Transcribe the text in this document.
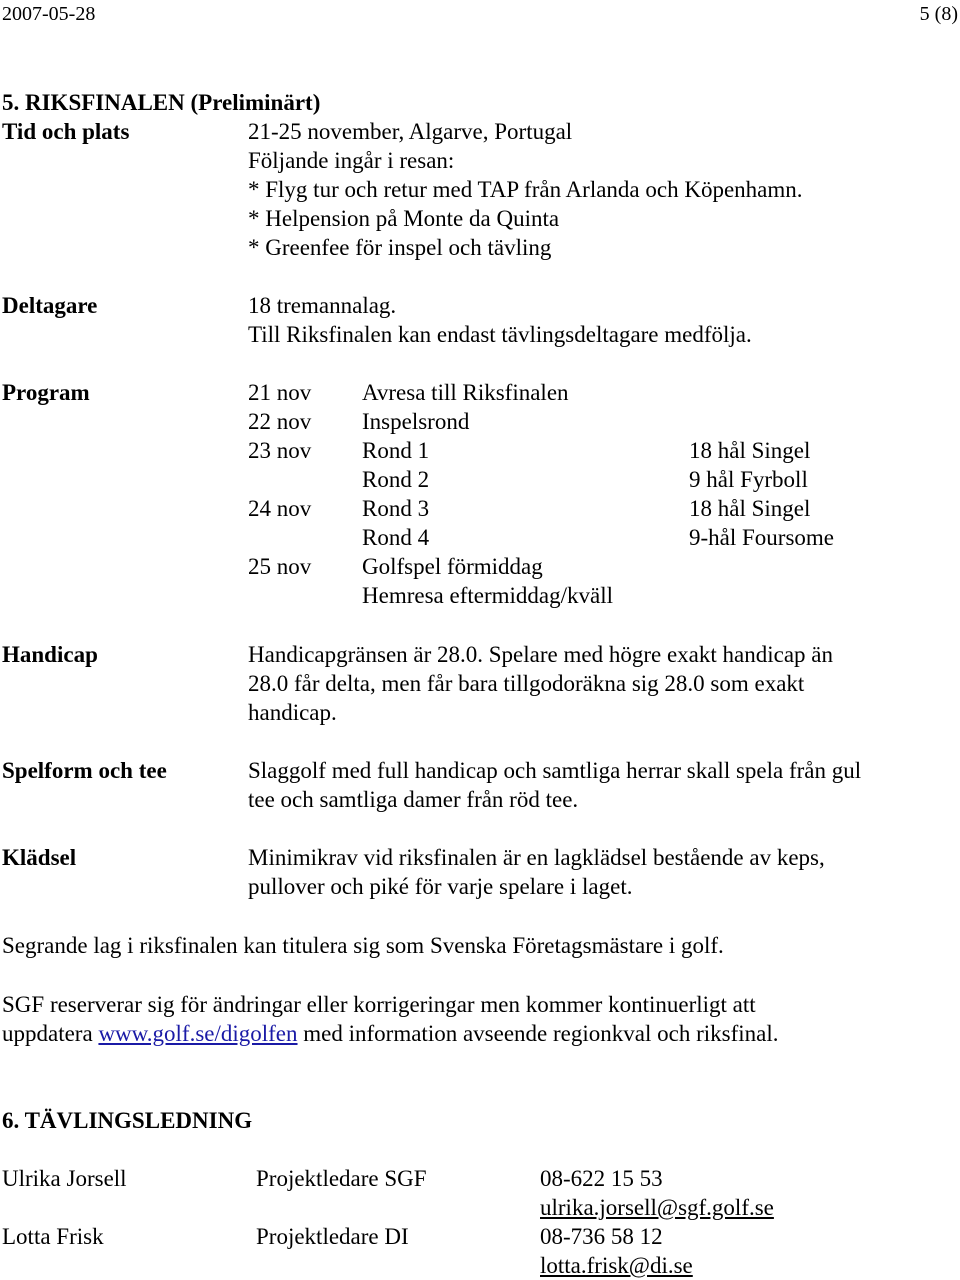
2007-05-28	5 (8)
5. RIKSFINALEN (Preliminärt)
Tid och plats	21-25 november, Algarve, Portugal
Följande ingår i resan:
* Flyg tur och retur med TAP från Arlanda och Köpenhamn.
* Helpension på Monte da Quinta
* Greenfee för inspel och tävling
Deltagare	18 tremannalag.
Till Riksfinalen kan endast tävlingsdeltagare medfölja.
Program	21 nov Avresa till Riksfinalen
22 nov Inspelsrond
23 nov Rond 1	18 hål Singel
Rond 2	9 hål Fyrboll
24 nov Rond 3	18 hål Singel
Rond 4	9-hål Foursome
25 nov Golfspel förmiddag
Hemresa eftermiddag/kväll
Handicap	Handicapgränsen är 28.0. Spelare med högre exakt handicap än
28.0 får delta, men får bara tillgodoräkna sig 28.0 som exakt
handicap.
Spelform och tee	Slaggolf med full handicap och samtliga herrar skall spela från gul
tee och samtliga damer från röd tee.
Klädsel	Minimikrav vid riksfinalen är en lagklädsel bestående av keps,
pullover och piké för varje spelare i laget.
Segrande lag i riksfinalen kan titulera sig som Svenska Företagsmästare i golf.
SGF reserverar sig för ändringar eller korrigeringar men kommer kontinuerligt att
uppdatera www.golf.se/digolfen med information avseende regionkval och riksfinal.
6. TÄVLINGSLEDNING
Ulrika Jorsell	Projektledare SGF	08-622 15 53
ulrika.jorsell@sgf.golf.se
Lotta Frisk	Projektledare DI	08-736 58 12
lotta.frisk@di.se
